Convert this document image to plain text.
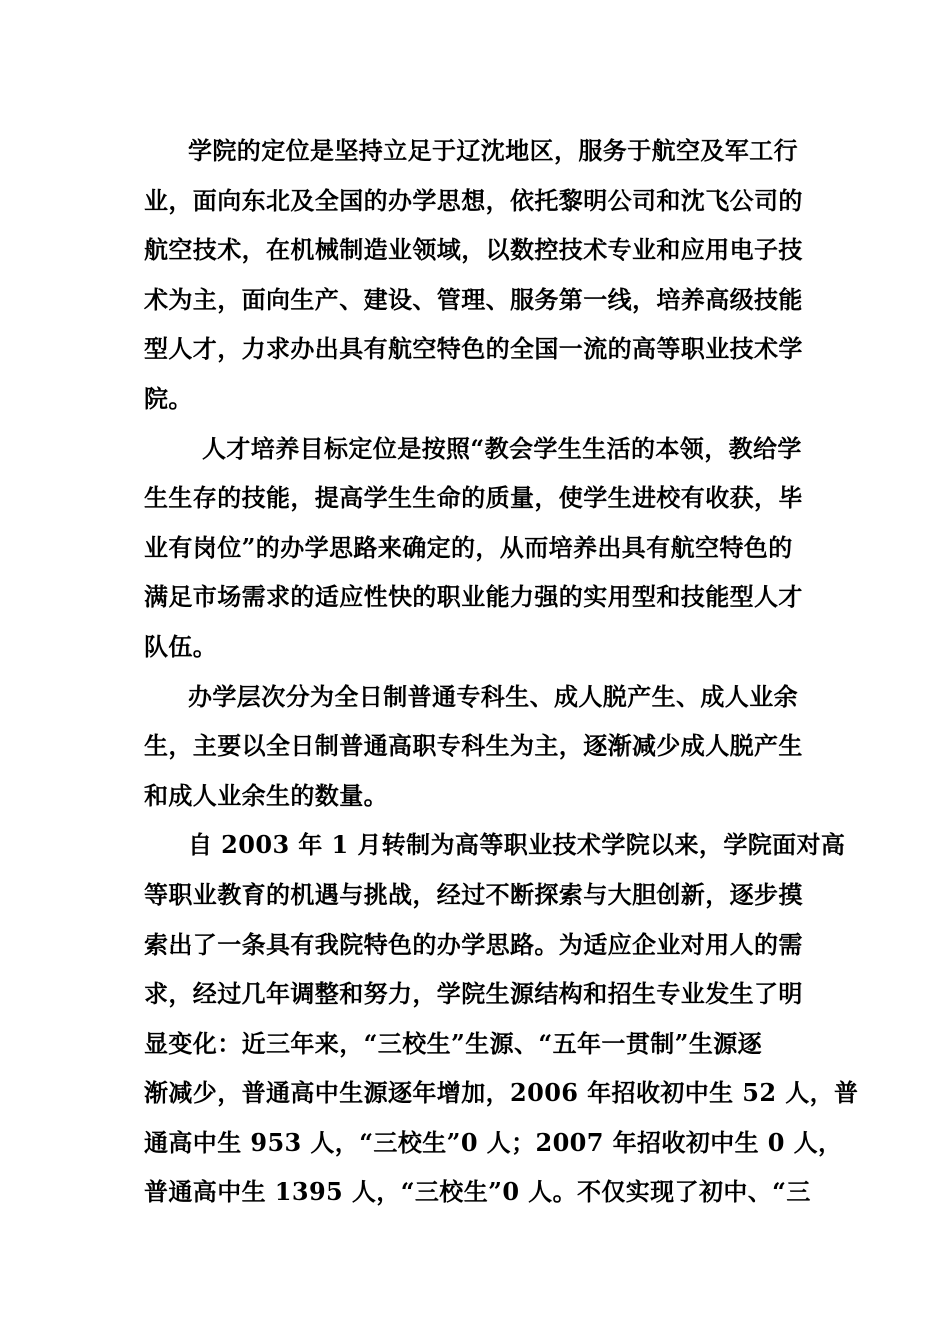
学院的定位是坚持立足于辽沈地区，服务于航空及军工行
业，面向东北及全国的办学思想，依托黎明公司和沈飞公司的
航空技术，在机械制造业领域，以数控技术专业和应用电子技
术为主，面向生产、建设、管理、服务第一线，培养高级技能
型人才，力求办出具有航空特色的全国一流的高等职业技术学
院。
人才培养目标定位是按照“教会学生生活的本领，教给学
生生存的技能，提高学生生命的质量，使学生进校有收获，毕
业有岗位”的办学思路来确定的，从而培养出具有航空特色的
满足市场需求的适应性快的职业能力强的实用型和技能型人才
队伍。
办学层次分为全日制普通专科生、成人脱产生、成人业余
生，主要以全日制普通高职专科生为主，逐渐减少成人脱产生
和成人业余生的数量。
自 2003 年 1 月转制为高等职业技术学院以来，学院面对高
等职业教育的机遇与挑战，经过不断探索与大胆创新，逐步摸
索出了一条具有我院特色的办学思路。为适应企业对用人的需
求，经过几年调整和努力，学院生源结构和招生专业发生了明
显变化：近三年来，“三校生”生源、“五年一贯制”生源逐
渐减少，普通高中生源逐年增加，2006 年招收初中生 52 人，普
通高中生 953 人，“三校生”0 人；2007 年招收初中生 0 人，
普通高中生 1395 人，“三校生”0 人。不仅实现了初中、“三
